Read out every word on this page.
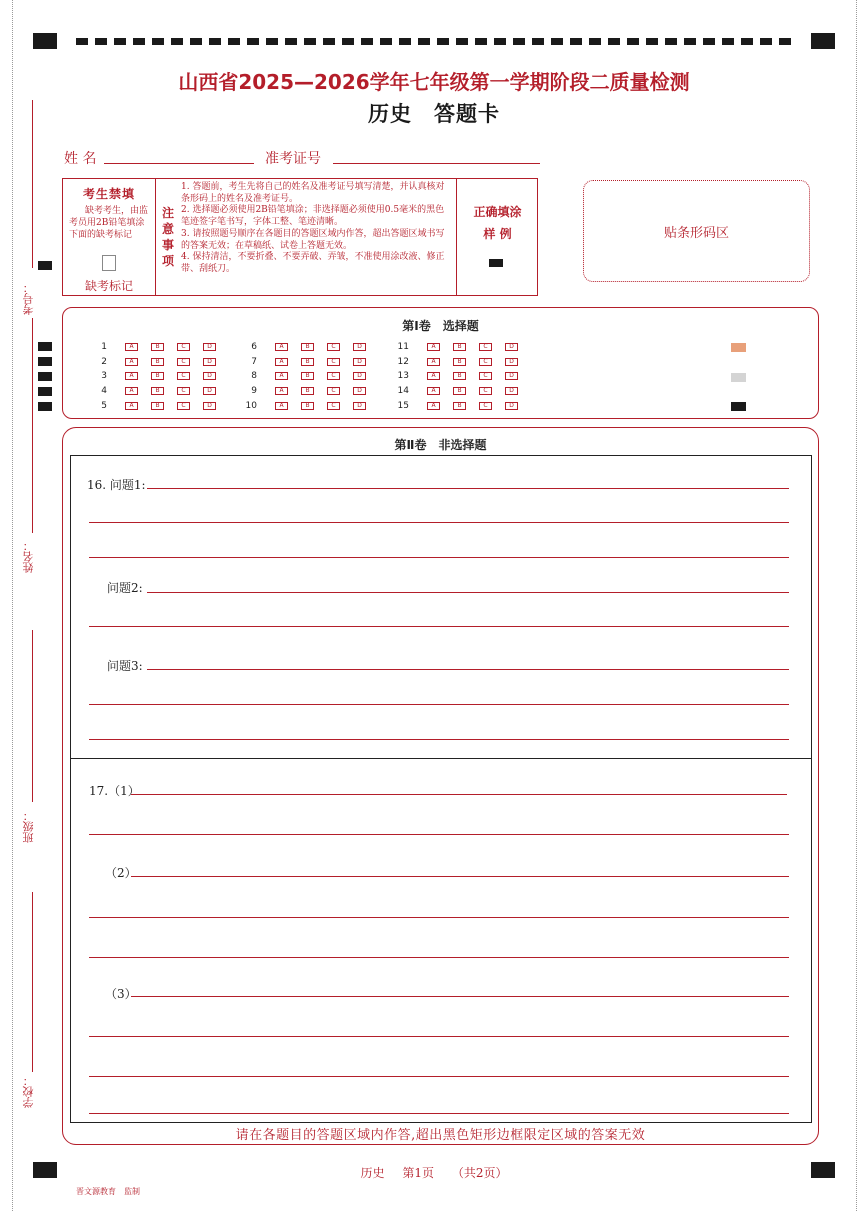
考号：
姓名：
班级：
学校：
山西省2025—2026学年七年级第一学期阶段二质量检测
历史 答题卡
姓 名	准考证号
考生禁填
缺考考生，由监考员用2B铅笔填涂下面的缺考标记
缺考标记
注
意
事
项
1. 答题前，考生先将自己的姓名及准考证号填写清楚，并认真核对条形码上的姓名及准考证号。
2. 选择题必须使用2B铅笔填涂；非选择题必须使用0.5毫米的黑色笔迹签字笔书写，字体工整、笔迹清晰。
3. 请按照题号顺序在各题目的答题区域内作答，超出答题区域书写的答案无效；在草稿纸、试卷上答题无效。
4. 保持清洁，不要折叠、不要弄破、弄皱，不准使用涂改液、修正带、刮纸刀。
正确填涂
样 例	贴条形码区
第Ⅰ卷　选择题
1	A	B	C	D
2	A	B	C	D
3	A	B	C	D
4	A	B	C	D
5	A	B	C	D
6	A	B	C	D
7	A	B	C	D
8	A	B	C	D
9	A	B	C	D
10	A	B	C	D
11	A	B	C	D
12	A	B	C	D
13	A	B	C	D
14	A	B	C	D
15	A	B	C	D
第Ⅱ卷　非选择题
请在各题目的答题区域内作答,超出黑色矩形边框限定区域的答案无效
16. 问题1:
问题2:
问题3:
17.（1）
（2）
（3）
历史 第1页 （共2页）
晋文源教育　监制
